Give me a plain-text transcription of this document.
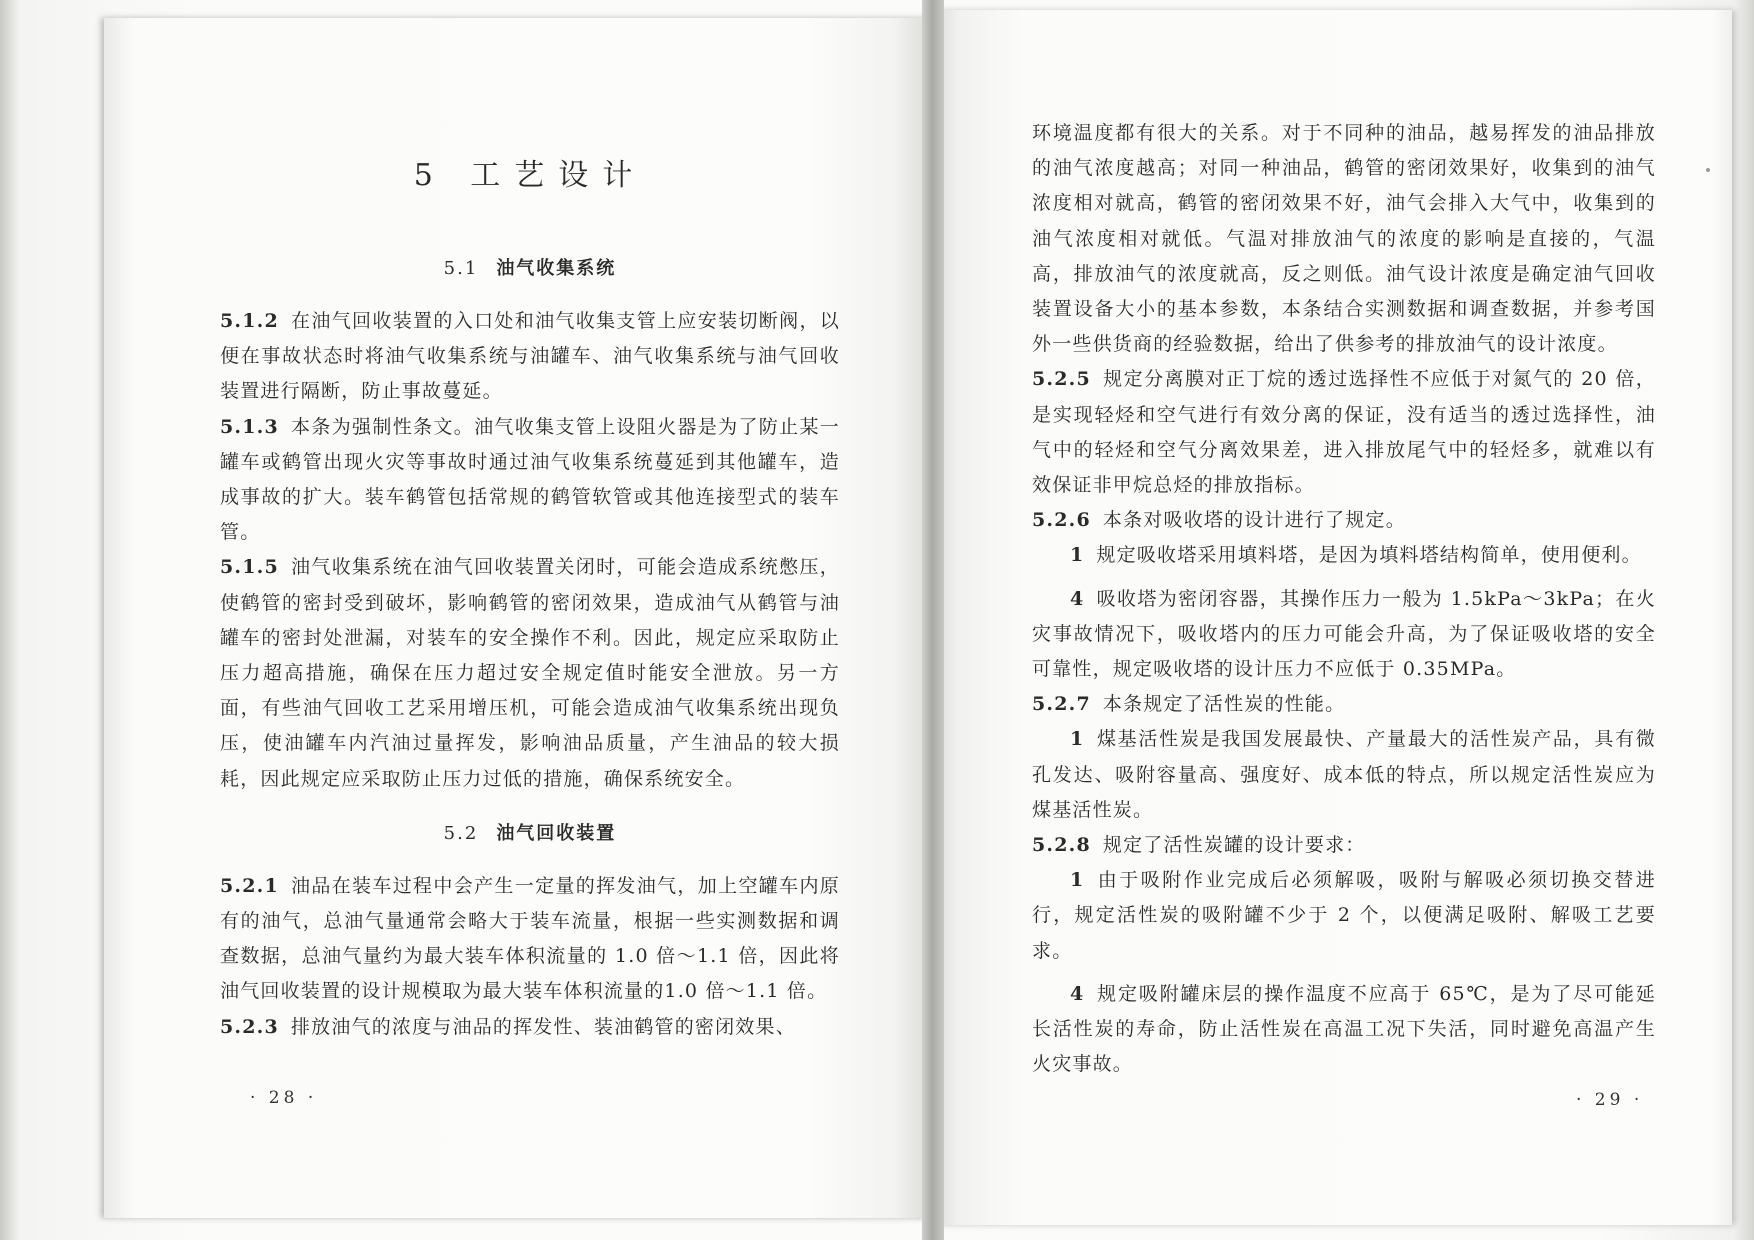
5 工艺设计
5.1 油气收集系统

5.1.2 在油气回收装置的入口处和油气收集支管上应安装切断阀，以便在事故状态时将油气收集系统与油罐车、油气收集系统与油气回收装置进行隔断，防止事故蔓延。

5.1.3 本条为强制性条文。油气收集支管上设阻火器是为了防止某一罐车或鹤管出现火灾等事故时通过油气收集系统蔓延到其他罐车，造成事故的扩大。装车鹤管包括常规的鹤管软管或其他连接型式的装车管。

5.1.5 油气收集系统在油气回收装置关闭时，可能会造成系统憋压，使鹤管的密封受到破坏，影响鹤管的密闭效果，造成油气从鹤管与油罐车的密封处泄漏，对装车的安全操作不利。因此，规定应采取防止压力超高措施，确保在压力超过安全规定值时能安全泄放。另一方面，有些油气回收工艺采用增压机，可能会造成油气收集系统出现负压，使油罐车内汽油过量挥发，影响油品质量，产生油品的较大损耗，因此规定应采取防止压力过低的措施，确保系统安全。

5.2 油气回收装置

5.2.1 油品在装车过程中会产生一定量的挥发油气，加上空罐车内原有的油气，总油气量通常会略大于装车流量，根据一些实测数据和调查数据，总油气量约为最大装车体积流量的 1.0 倍～1.1 倍，因此将油气回收装置的设计规模取为最大装车体积流量的1.0 倍～1.1 倍。

5.2.3 排放油气的浓度与油品的挥发性、装油鹤管的密闭效果、

· 28 ·

环境温度都有很大的关系。对于不同种的油品，越易挥发的油品排放的油气浓度越高；对同一种油品，鹤管的密闭效果好，收集到的油气浓度相对就高，鹤管的密闭效果不好，油气会排入大气中，收集到的油气浓度相对就低。气温对排放油气的浓度的影响是直接的，气温高，排放油气的浓度就高，反之则低。油气设计浓度是确定油气回收装置设备大小的基本参数，本条结合实测数据和调查数据，并参考国外一些供货商的经验数据，给出了供参考的排放油气的设计浓度。

5.2.5 规定分离膜对正丁烷的透过选择性不应低于对氮气的 20 倍，是实现轻烃和空气进行有效分离的保证，没有适当的透过选择性，油气中的轻烃和空气分离效果差，进入排放尾气中的轻烃多，就难以有效保证非甲烷总烃的排放指标。

5.2.6 本条对吸收塔的设计进行了规定。

1 规定吸收塔采用填料塔，是因为填料塔结构简单，使用便利。

4 吸收塔为密闭容器，其操作压力一般为 1.5kPa～3kPa；在火灾事故情况下，吸收塔内的压力可能会升高，为了保证吸收塔的安全可靠性，规定吸收塔的设计压力不应低于 0.35MPa。

5.2.7 本条规定了活性炭的性能。

1 煤基活性炭是我国发展最快、产量最大的活性炭产品，具有微孔发达、吸附容量高、强度好、成本低的特点，所以规定活性炭应为煤基活性炭。

5.2.8 规定了活性炭罐的设计要求：

1 由于吸附作业完成后必须解吸，吸附与解吸必须切换交替进行，规定活性炭的吸附罐不少于 2 个，以便满足吸附、解吸工艺要求。

4 规定吸附罐床层的操作温度不应高于 65℃，是为了尽可能延长活性炭的寿命，防止活性炭在高温工况下失活，同时避免高温产生火灾事故。

· 29 ·
